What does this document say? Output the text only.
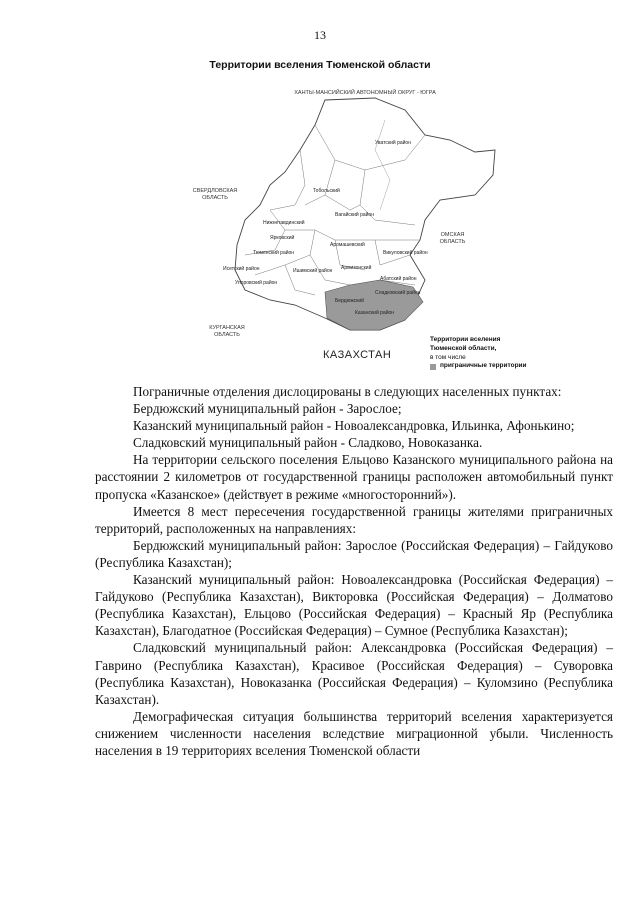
13
Территории вселения Тюменской области
ХАНТЫ-МАНСИЙСКИЙ АВТОНОМНЫЙ ОКРУГ - ЮГРА
СВЕРДЛОВСКАЯ ОБЛАСТЬ
ОМСКАЯ ОБЛАСТЬ
КУРГАНСКАЯ ОБЛАСТЬ
Уватский район
Тобольский
Вагайский район
Нижнетавдинский
Ярковский
Тюменский район
Аромашевский
Викуловский район
Исетский район	Ишимский район Армизонский
Абатский район
Бердюжский
Казанский район
Сладковский район
Упоровский район
КАЗАХСТАН
Территории вселения
Тюменской области,
в том числе
приграничные территории

Пограничные отделения дислоцированы в следующих населенных пунктах:

Бердюжский муниципальный район - Зарослое;

Казанский муниципальный район - Новоалександровка, Ильинка, Афонькино;

Сладковский муниципальный район - Сладково, Новоказанка.

На территории сельского поселения Ельцово Казанского муниципального района на расстоянии 2 километров от государственной границы расположен автомобильный пункт пропуска «Казанское» (действует в режиме «многосторонний»).

Имеется 8 мест пересечения государственной границы жителями приграничных территорий, расположенных на направлениях:

Бердюжский муниципальный район: Зарослое (Российская Федерация) – Гайдуково (Республика Казахстан);

Казанский муниципальный район: Новоалександровка (Российская Федерация) – Гайдуково (Республика Казахстан), Викторовка (Российская Федерация) – Долматово (Республика Казахстан), Ельцово (Российская Федерация) – Красный Яр (Республика Казахстан), Благодатное (Российская Федерация) – Сумное (Республика Казахстан);

Сладковский муниципальный район: Александровка (Российская Федерация) – Гаврино (Республика Казахстан), Красивое (Российская Федерация) – Суворовка (Республика Казахстан), Новоказанка (Российская Федерация) – Куломзино (Республика Казахстан).

Демографическая ситуация большинства территорий вселения характеризуется снижением численности населения вследствие миграционной убыли. Численность населения в 19 территориях вселения Тюменской области
